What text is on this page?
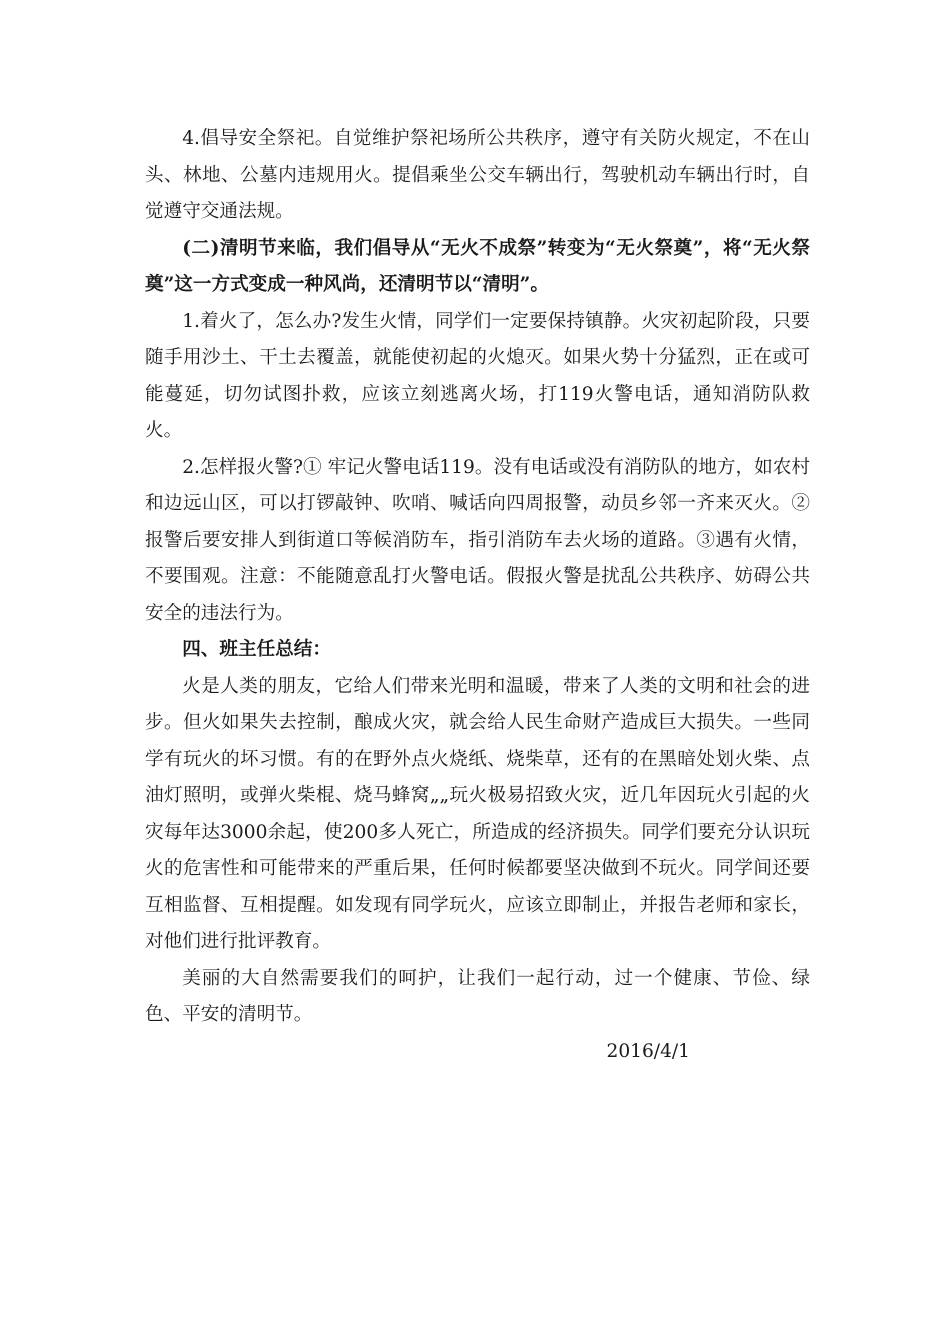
4.倡导安全祭祀。自觉维护祭祀场所公共秩序，遵守有关防火规定，不在山头、林地、公墓内违规用火。提倡乘坐公交车辆出行，驾驶机动车辆出行时，自觉遵守交通法规。

(二)清明节来临，我们倡导从“无火不成祭”转变为“无火祭奠”，将“无火祭奠”这一方式变成一种风尚，还清明节以“清明”。

1.着火了，怎么办?发生火情，同学们一定要保持镇静。火灾初起阶段，只要随手用沙土、干土去覆盖，就能使初起的火熄灭。如果火势十分猛烈，正在或可能蔓延，切勿试图扑救，应该立刻逃离火场，打119火警电话，通知消防队救火。

2.怎样报火警?① 牢记火警电话119。没有电话或没有消防队的地方，如农村和边远山区，可以打锣敲钟、吹哨、喊话向四周报警，动员乡邻一齐来灭火。②报警后要安排人到街道口等候消防车，指引消防车去火场的道路。③遇有火情，不要围观。注意：不能随意乱打火警电话。假报火警是扰乱公共秩序、妨碍公共安全的违法行为。

四、班主任总结：

火是人类的朋友，它给人们带来光明和温暖，带来了人类的文明和社会的进步。但火如果失去控制，酿成火灾，就会给人民生命财产造成巨大损失。一些同学有玩火的坏习惯。有的在野外点火烧纸、烧柴草，还有的在黑暗处划火柴、点油灯照明，或弹火柴棍、烧马蜂窝„„玩火极易招致火灾，近几年因玩火引起的火灾每年达3000余起，使200多人死亡，所造成的经济损失。同学们要充分认识玩火的危害性和可能带来的严重后果，任何时候都要坚决做到不玩火。同学间还要互相监督、互相提醒。如发现有同学玩火，应该立即制止，并报告老师和家长，对他们进行批评教育。

美丽的大自然需要我们的呵护，让我们一起行动，过一个健康、节俭、绿色、平安的清明节。

2016/4/1
